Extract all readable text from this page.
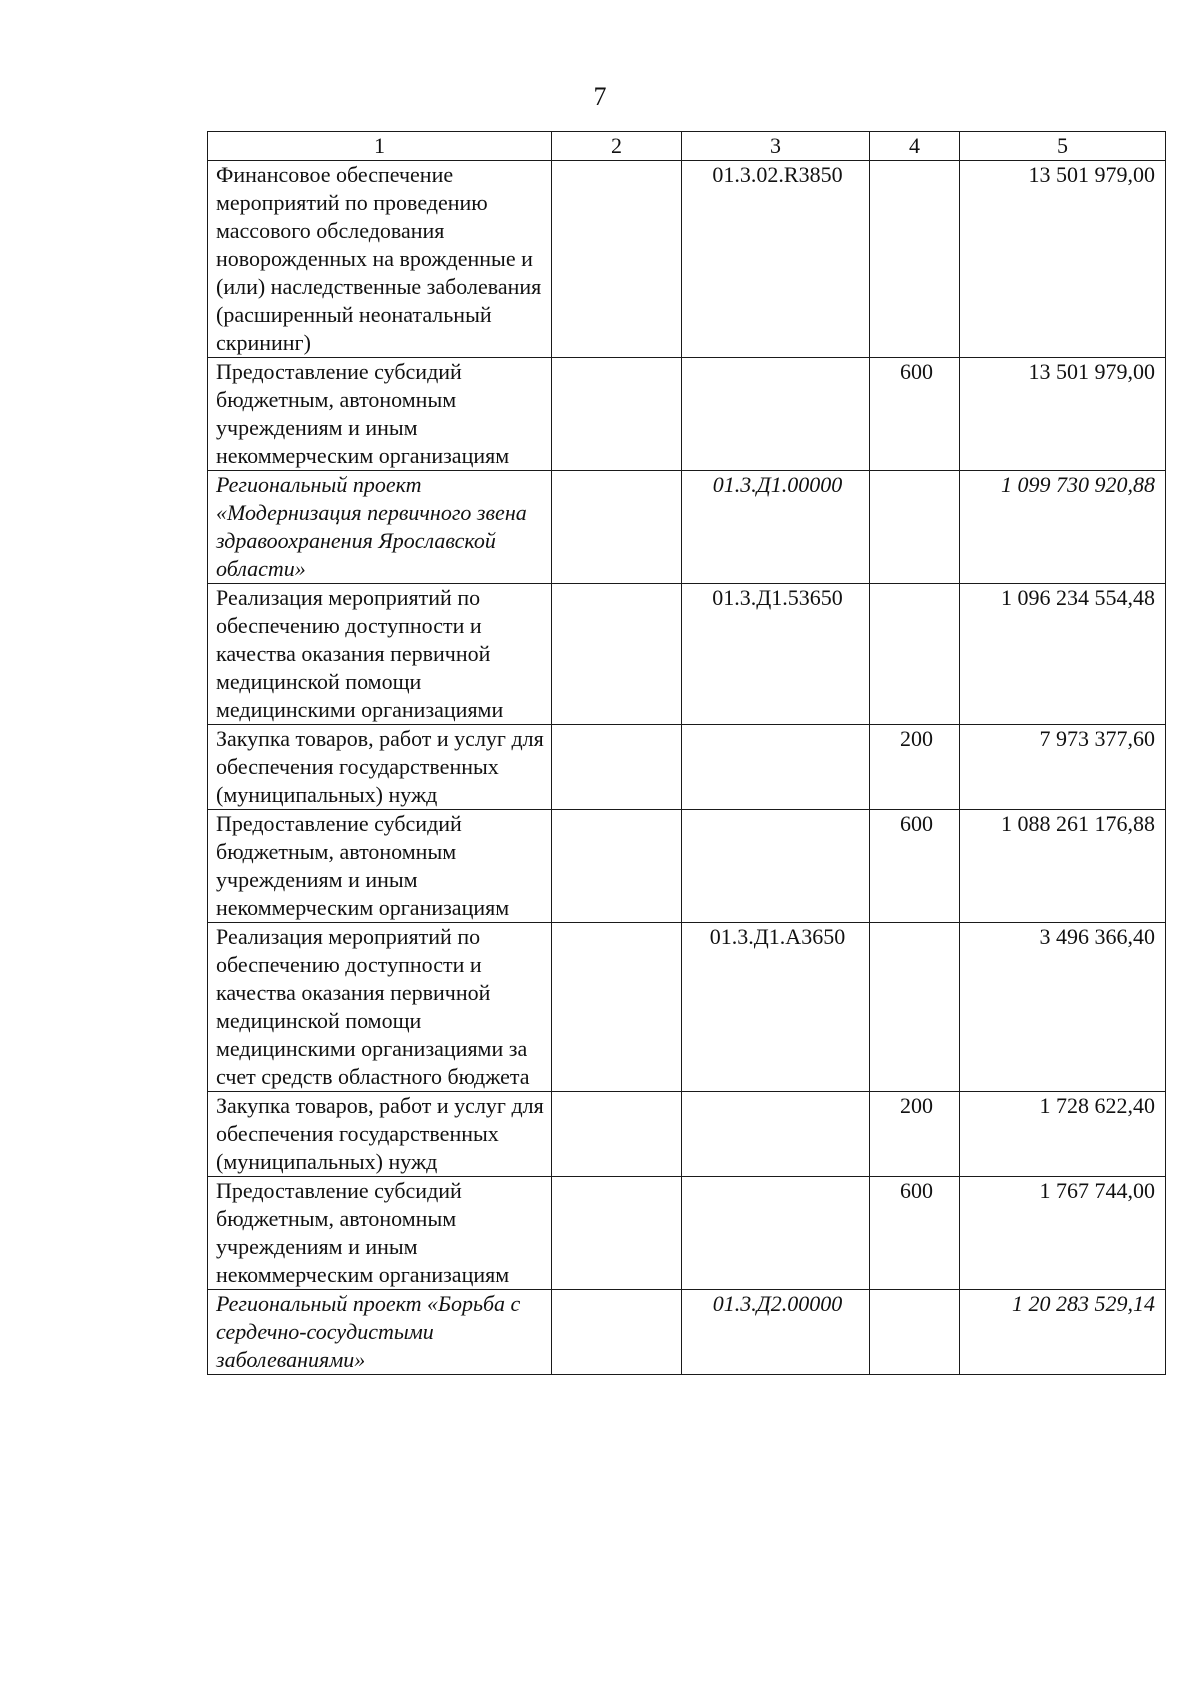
7
1	2	3	4	5
Финансовое обеспечение мероприятий по проведению массового обследования новорожденных на врожденные и (или) наследственные заболевания (расширенный неонатальный скрининг)		01.3.02.R3850		13 501 979,00
Предоставление субсидий бюджетным, автономным учреждениям и иным некоммерческим организациям			600	13 501 979,00
Региональный проект «Модернизация первичного звена здравоохранения Ярославской области»		01.3.Д1.00000		1 099 730 920,88
Реализация мероприятий по обеспечению доступности и качества оказания первичной медицинской помощи медицинскими организациями		01.3.Д1.53650		1 096 234 554,48
Закупка товаров, работ и услуг для обеспечения государственных (муниципальных) нужд			200	7 973 377,60
Предоставление субсидий бюджетным, автономным учреждениям и иным некоммерческим организациям			600	1 088 261 176,88
Реализация мероприятий по обеспечению доступности и качества оказания первичной медицинской помощи медицинскими организациями за счет средств областного бюджета		01.3.Д1.А3650		3 496 366,40
Закупка товаров, работ и услуг для обеспечения государственных (муниципальных) нужд			200	1 728 622,40
Предоставление субсидий бюджетным, автономным учреждениям и иным некоммерческим организациям			600	1 767 744,00
Региональный проект «Борьба с сердечно-сосудистыми заболеваниями»		01.3.Д2.00000		1 20 283 529,14
